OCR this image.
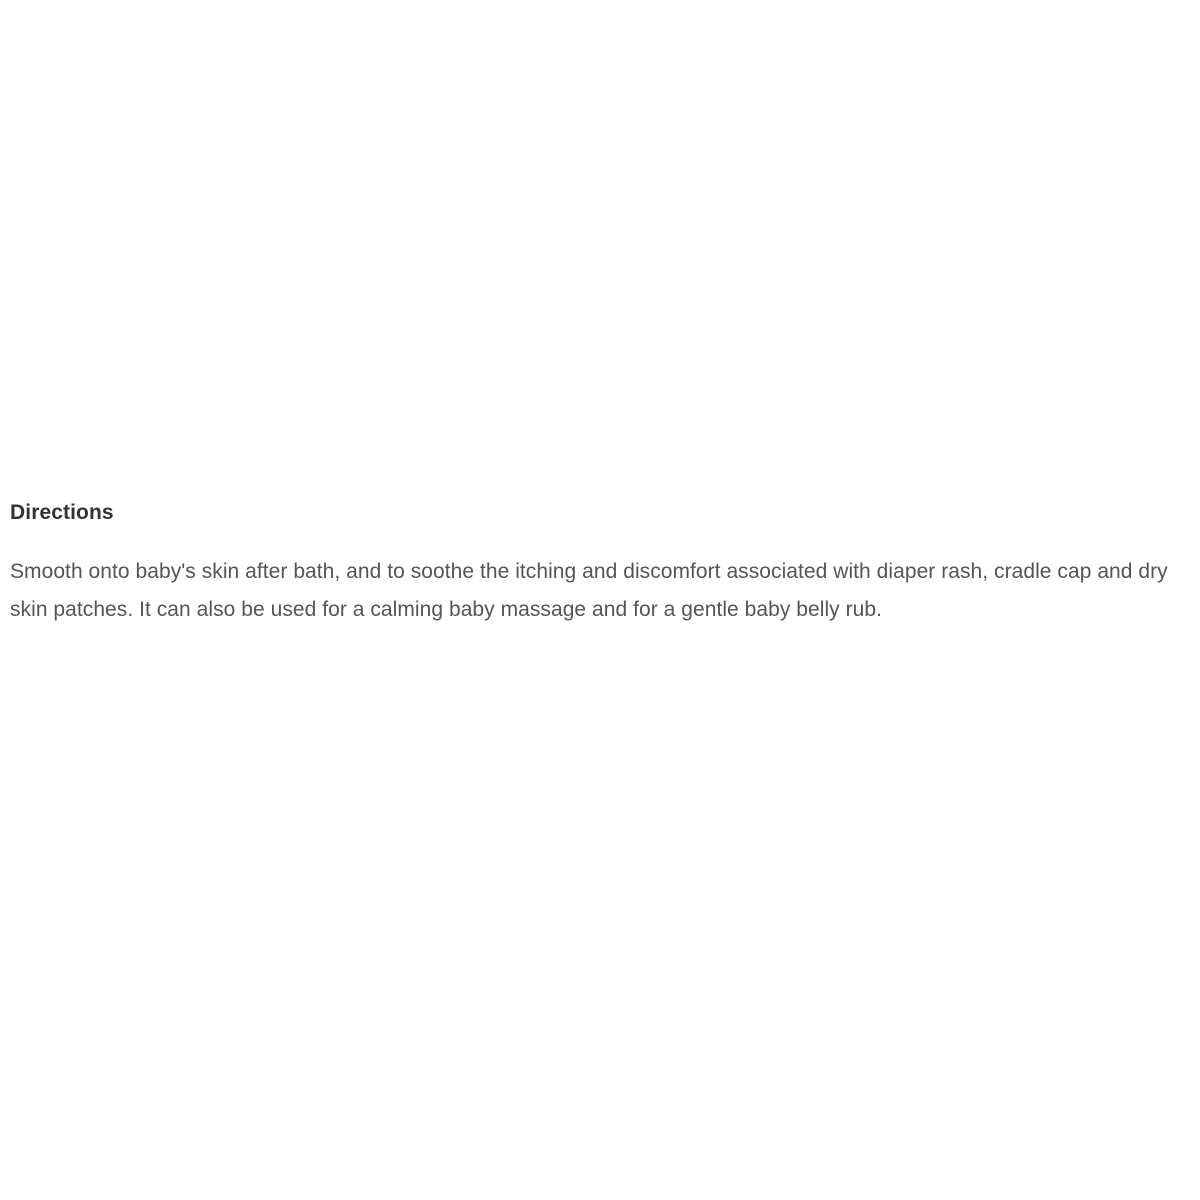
Directions

Smooth onto baby's skin after bath, and to soothe the itching and discomfort associated with diaper rash, cradle cap and dry skin patches. It can also be used for a calming baby massage and for a gentle baby belly rub.
